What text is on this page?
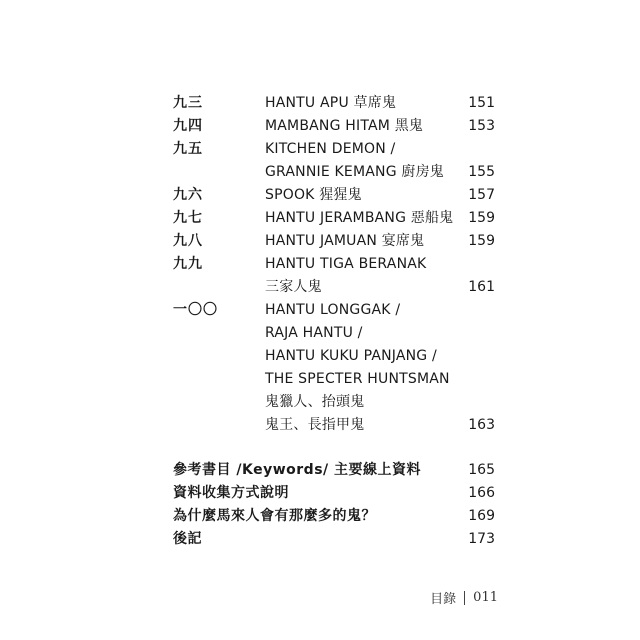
九三	HANTU APU 草席鬼	151
九四	MAMBANG HITAM 黑鬼	153
九五	KITCHEN DEMON /
GRANNIE KEMANG 廚房鬼 155
九六	SPOOK 猩猩鬼	157
九七	HANTU JERAMBANG 惡船鬼 159
九八	HANTU JAMUAN 宴席鬼	159
九九	HANTU TIGA BERANAK
三家人鬼	161
一〇〇	HANTU LONGGAK /
RAJA HANTU /
HANTU KUKU PANJANG /
THE SPECTER HUNTSMAN
鬼獵人、抬頭鬼
鬼王、長指甲鬼	163
參考書目 /Keywords/ 主要線上資料	165
資料收集方式說明	166
為什麼馬來人會有那麼多的鬼？	169
後記	173
目錄 011
